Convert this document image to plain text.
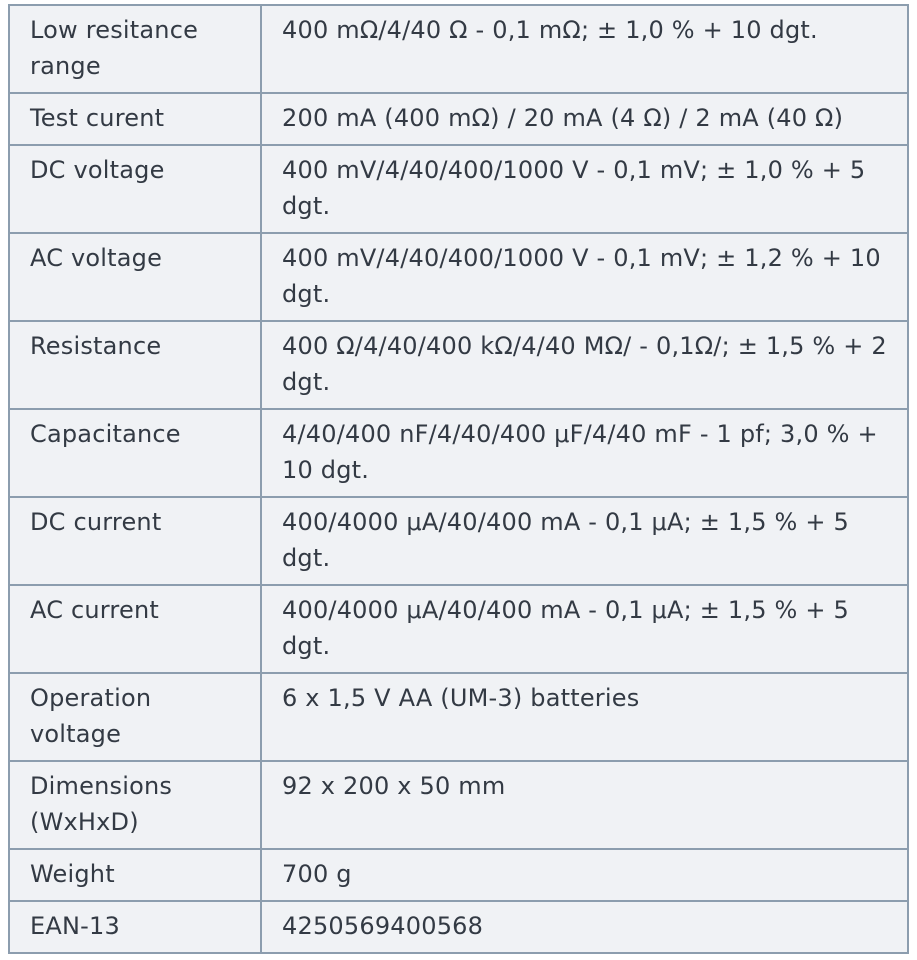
Low resitance range	400 mΩ/4/40 Ω - 0,1 mΩ; ± 1,0 % + 10 dgt.
Test curent	200 mA (400 mΩ) / 20 mA (4 Ω) / 2 mA (40 Ω)
DC voltage	400 mV/4/40/400/1000 V - 0,1 mV; ± 1,0 % + 5 dgt.
AC voltage	400 mV/4/40/400/1000 V - 0,1 mV; ± 1,2 % + 10 dgt.
Resistance	400 Ω/4/40/400 kΩ/4/40 MΩ/ - 0,1Ω/; ± 1,5 % + 2 dgt.
Capacitance	4/40/400 nF/4/40/400 μF/4/40 mF - 1 pf; 3,0 % + 10 dgt.
DC current	400/4000 μA/40/400 mA - 0,1 μA; ± 1,5 % + 5 dgt.
AC current	400/4000 μA/40/400 mA - 0,1 μA; ± 1,5 % + 5 dgt.
Operation voltage	6 x 1,5 V AA (UM-3) batteries
Dimensions (WxHxD)	92 x 200 x 50 mm
Weight	700 g
EAN-13	4250569400568
